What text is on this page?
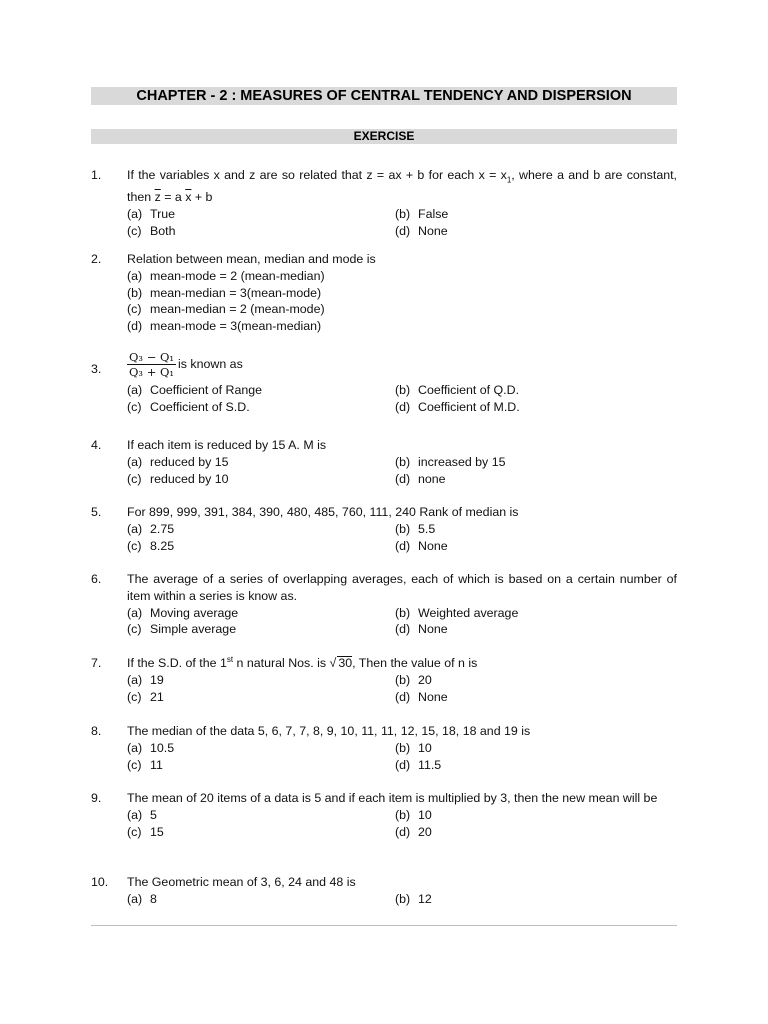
CHAPTER - 2 : MEASURES OF CENTRAL TENDENCY AND DISPERSION
EXERCISE
1. If the variables x and z are so related that z = ax + b for each $x = x_1$, where a and b are constant, then $\overline{z} = a$ $\overline{x} + b$
(a) True	(b) False
(c) Both	(d) None
2. Relation between mean, median and mode is
(a) mean-mode = 2 (mean-median)
(b) mean-median = 3(mean-mode)
(c) mean-median = 2 (mean-mode)
(d) mean-mode = 3(mean-median)
3. $\frac{\text{Q₃ − Q₁}}{\text{Q₃ + Q₁}}$ is known as
(a) Coefficient of Range	(b) Coefficient of Q.D.
(c) Coefficient of S.D.	(d) Coefficient of M.D.
4. If each item is reduced by 15 A. M is
(a) reduced by 15	(b) increased by 15
(c) reduced by 10	(d) none
5. For 899, 999, 391, 384, 390, 480, 485, 760, 111, 240 Rank of median is
(a) 2.75	(b) 5.5
(c) 8.25	(d) None
6. The average of a series of overlapping averages, each of which is based on a certain number of item within a series is know as.
(a) Moving average	(b) Weighted average
(c) Simple average	(d) None
7. If the S.D. of the 1st n natural Nos. is √ 30, Then the value of n is
(a) 19	(b) 20
(c) 21	(d) None
8. The median of the data 5, 6, 7, 7, 8, 9, 10, 11, 11, 12, 15, 18, 18 and 19 is
(a) 10.5	(b) 10
(c) 11	(d) 11.5
9. The mean of 20 items of a data is 5 and if each item is multiplied by 3, then the new mean will be
(a) 5	(b) 10
(c) 15	(d) 20
10. The Geometric mean of 3, 6, 24 and 48 is
(a) 8	(b) 12
